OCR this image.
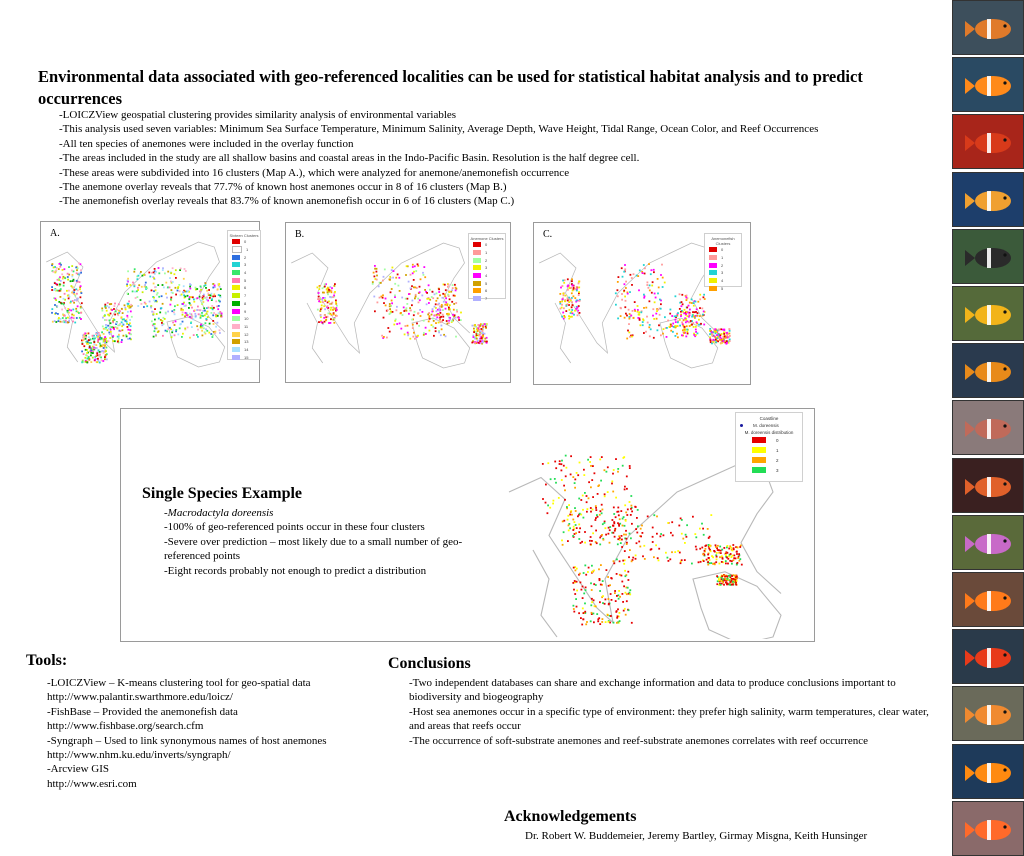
Environmental data associated with geo-referenced localities can be used for statistical habitat analysis and to predict occurrences
-LOICZView geospatial clustering provides similarity analysis of environmental variables
-This analysis used seven variables: Minimum Sea Surface Temperature, Minimum Salinity, Average Depth, Wave Height, Tidal Range, Ocean Color, and Reef Occurrences
-All ten species of anemones were included in the overlay function
-The areas included in the study are all shallow basins and coastal areas in the Indo-Pacific Basin. Resolution is the half degree cell.
-These areas were subdivided into 16 clusters (Map A.), which were analyzed for anemone/anemonefish occurrence
-The anemone overlay reveals that 77.7% of known host anemones occur in 8 of 16 clusters (Map B.)
-The anemonefish overlay reveals that 83.7% of known anemonefish occur in 6 of 16 clusters (Map C.)
A.	Sixteen Clusters
0
1
2
3
4
5
6
7
8
9
10
11
12
13
14
15
B.	Anemone Clusters
0
1
2
3
4
5
6
7
C.	Anemonefish Clusters
0
1
2
3
4
5
Single Species Example
-Macrodactyla doreensis
-100% of geo-referenced points occur in these four clusters
-Severe over prediction – most likely due to a small number of geo-referenced points
-Eight records probably not enough to predict a distribution
Coastline
M. doreensis
M. doreensis distribution
0
1
2
3
Tools:
-LOICZView – K-means clustering tool for geo-spatial data
http://www.palantir.swarthmore.edu/loicz/
-FishBase – Provided the anemonefish data
http://www.fishbase.org/search.cfm
-Syngraph – Used to link synonymous names of host anemones
http://www.nhm.ku.edu/inverts/syngraph/
-Arcview GIS
http://www.esri.com
Conclusions
-Two independent databases can share and exchange information and data to produce conclusions important to biodiversity and biogeography
-Host sea anemones occur in a specific type of environment: they prefer high salinity, warm temperatures, clear water, and areas that reefs occur
-The occurrence of soft-substrate anemones and reef-substrate anemones correlates with reef occurrence
Acknowledgements
Dr. Robert W. Buddemeier, Jeremy Bartley, Girmay Misgna, Keith Hunsinger
